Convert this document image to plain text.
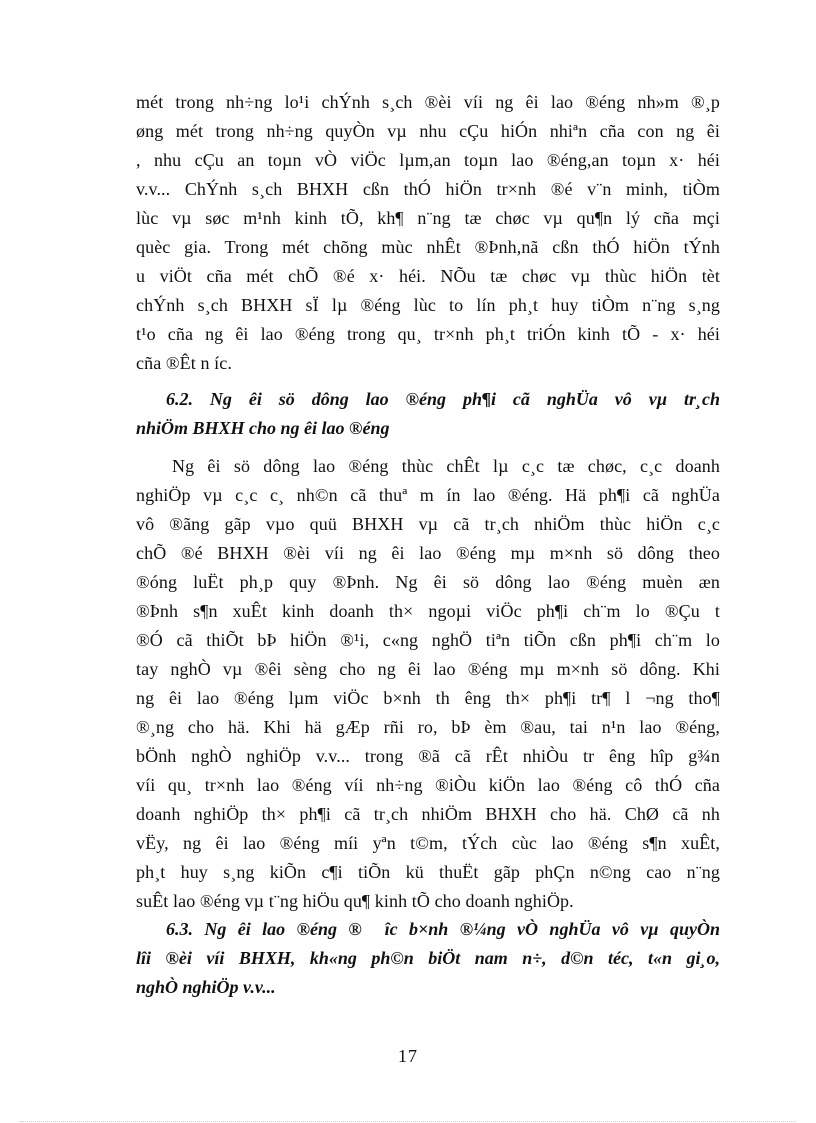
mét trong nh÷ng lo¹i chÝnh s¸ch ®èi víi ng êi lao ®éng nh»m ®¸p
øng mét trong nh÷ng quyÒn vµ nhu cÇu hiÓn nhiªn cña con ng êi
, nhu cÇu an toµn vÒ viÖc lµm,an toµn lao ®éng,an toµn x· héi
v.v... ChÝnh s¸ch BHXH cßn thÓ hiÖn tr×nh ®é v¨n minh, tiÒm
lùc vµ søc m¹nh kinh tÕ, kh¶ n¨ng tæ chøc vµ qu¶n lý cña mçi
quèc gia. Trong mét chõng mùc nhÊt ®Þnh,nã cßn thÓ hiÖn tÝnh
u viÖt cña mét chÕ ®é x· héi. NÕu tæ chøc vµ thùc hiÖn tèt
chÝnh s¸ch BHXH sÏ lµ ®éng lùc to lín ph¸t huy tiÒm n¨ng s¸ng
t¹o cña ng êi lao ®éng trong qu¸ tr×nh ph¸t triÓn kinh tÕ - x· héi
cña ®Êt n íc.
6.2. Ng êi sö dông lao ®éng ph¶i cã nghÜa vô vµ tr¸ch
nhiÖm BHXH cho ng êi lao ®éng
Ng êi sö dông lao ®éng thùc chÊt lµ c¸c tæ chøc, c¸c doanh
nghiÖp vµ c¸c c¸ nh©n cã thuª m ín lao ®éng. Hä ph¶i cã nghÜa
vô ®ãng gãp vµo quü BHXH vµ cã tr¸ch nhiÖm thùc hiÖn c¸c
chÕ ®é BHXH ®èi víi ng êi lao ®éng mµ m×nh sö dông theo
®óng luËt ph¸p quy ®Þnh. Ng êi sö dông lao ®éng muèn æn
®Þnh s¶n xuÊt kinh doanh th× ngoµi viÖc ph¶i ch¨m lo ®Çu t
®Ó cã thiÕt bÞ hiÖn ®¹i, c«ng nghÖ tiªn tiÕn cßn ph¶i ch¨m lo
tay nghÒ vµ ®êi sèng cho ng êi lao ®éng mµ m×nh sö dông. Khi
ng êi lao ®éng lµm viÖc b×nh th êng th× ph¶i tr¶ l ¬ng tho¶
®¸ng cho hä. Khi hä gÆp rñi ro, bÞ èm ®au, tai n¹n lao ®éng,
bÖnh nghÒ nghiÖp v.v... trong ®ã cã rÊt nhiÒu tr êng hîp g¾n
víi qu¸ tr×nh lao ®éng víi nh÷ng ®iÒu kiÖn lao ®éng cô thÓ cña
doanh nghiÖp th× ph¶i cã tr¸ch nhiÖm BHXH cho hä. ChØ cã nh
vËy, ng êi lao ®éng míi yªn t©m, tÝch cùc lao ®éng s¶n xuÊt,
ph¸t huy s¸ng kiÕn c¶i tiÕn kü thuËt gãp phÇn n©ng cao n¨ng
suÊt lao ®éng vµ t¨ng hiÖu qu¶ kinh tÕ cho doanh nghiÖp.
6.3. Ng êi lao ®éng ® îc b×nh ®¼ng vÒ nghÜa vô vµ quyÒn
lîi ®èi víi BHXH, kh«ng ph©n biÖt nam n÷, d©n téc, t«n gi¸o,
nghÒ nghiÖp v.v...
17
